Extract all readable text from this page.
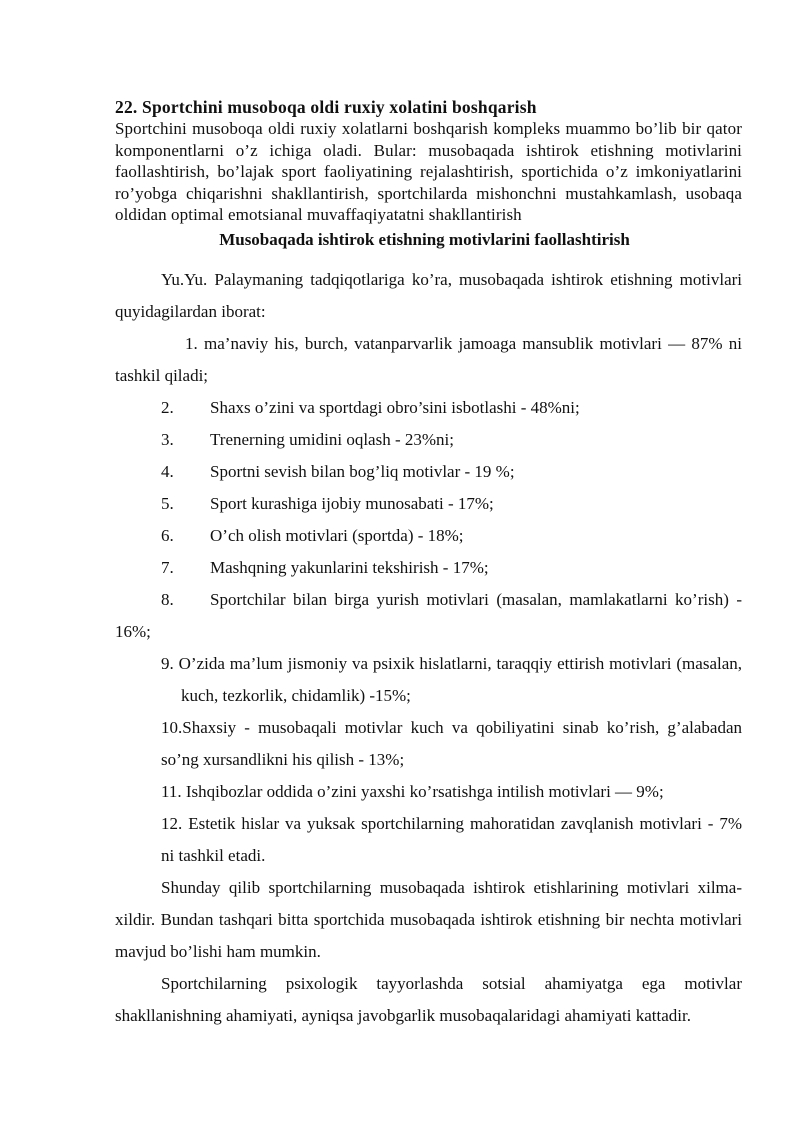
22. Sportchini musoboqa oldi ruxiy xolatini boshqarish

Sportchini musoboqa oldi ruxiy xolatlarni boshqarish kompleks muammo bo’lib bir qator komponentlarni o’z ichiga oladi. Bular: musobaqada ishtirok etishning motivlarini faollashtirish, bo’lajak sport faoliyatining rejalashtirish, sportichida o’z imkoniyatlarini ro’yobga chiqarishni shakllantirish, sportchilarda mishonchni mustahkamlash, usobaqa oldidan optimal emotsianal muvaffaqiyatatni shakllantirish

Musobaqada ishtirok etishning motivlarini faollashtirish

Yu.Yu. Palaymaning tadqiqotlariga ko’ra, musobaqada ishtirok etishning motivlari quyidagilardan iborat:

1. ma’naviy his, burch, vatanparvarlik jamoaga mansublik motivlari — 87% ni tashkil qiladi;

2. Shaxs o’zini va sportdagi obro’sini isbotlashi - 48%ni;

3. Trenerning umidini oqlash - 23%ni;

4. Sportni sevish bilan bog’liq motivlar - 19 %;

5. Sport kurashiga ijobiy munosabati - 17%;

6. O’ch olish motivlari (sportda) - 18%;

7. Mashqning yakunlarini tekshirish - 17%;

8. Sportchilar bilan birga yurish motivlari (masalan, mamlakatlarni ko’rish) - 16%;

9. O’zida ma’lum jismoniy va psixik hislatlarni, taraqqiy ettirish motivlari (masalan, kuch, tezkorlik, chidamlik) -15%;

10.Shaxsiy - musobaqali motivlar kuch va qobiliyatini sinab ko’rish, g’alabadan so’ng xursandlikni his qilish - 13%;

11. Ishqibozlar oddida o’zini yaxshi ko’rsatishga intilish motivlari — 9%;

12. Estetik hislar va yuksak sportchilarning mahoratidan zavqlanish motivlari - 7% ni tashkil etadi.

Shunday qilib sportchilarning musobaqada ishtirok etishlarining motivlari xilma-xildir. Bundan tashqari bitta sportchida musobaqada ishtirok etishning bir nechta motivlari mavjud bo’lishi ham mumkin.

Sportchilarning psixologik tayyorlashda sotsial ahamiyatga ega motivlar shakllanishning ahamiyati, ayniqsa javobgarlik musobaqalaridagi ahamiyati kattadir.
